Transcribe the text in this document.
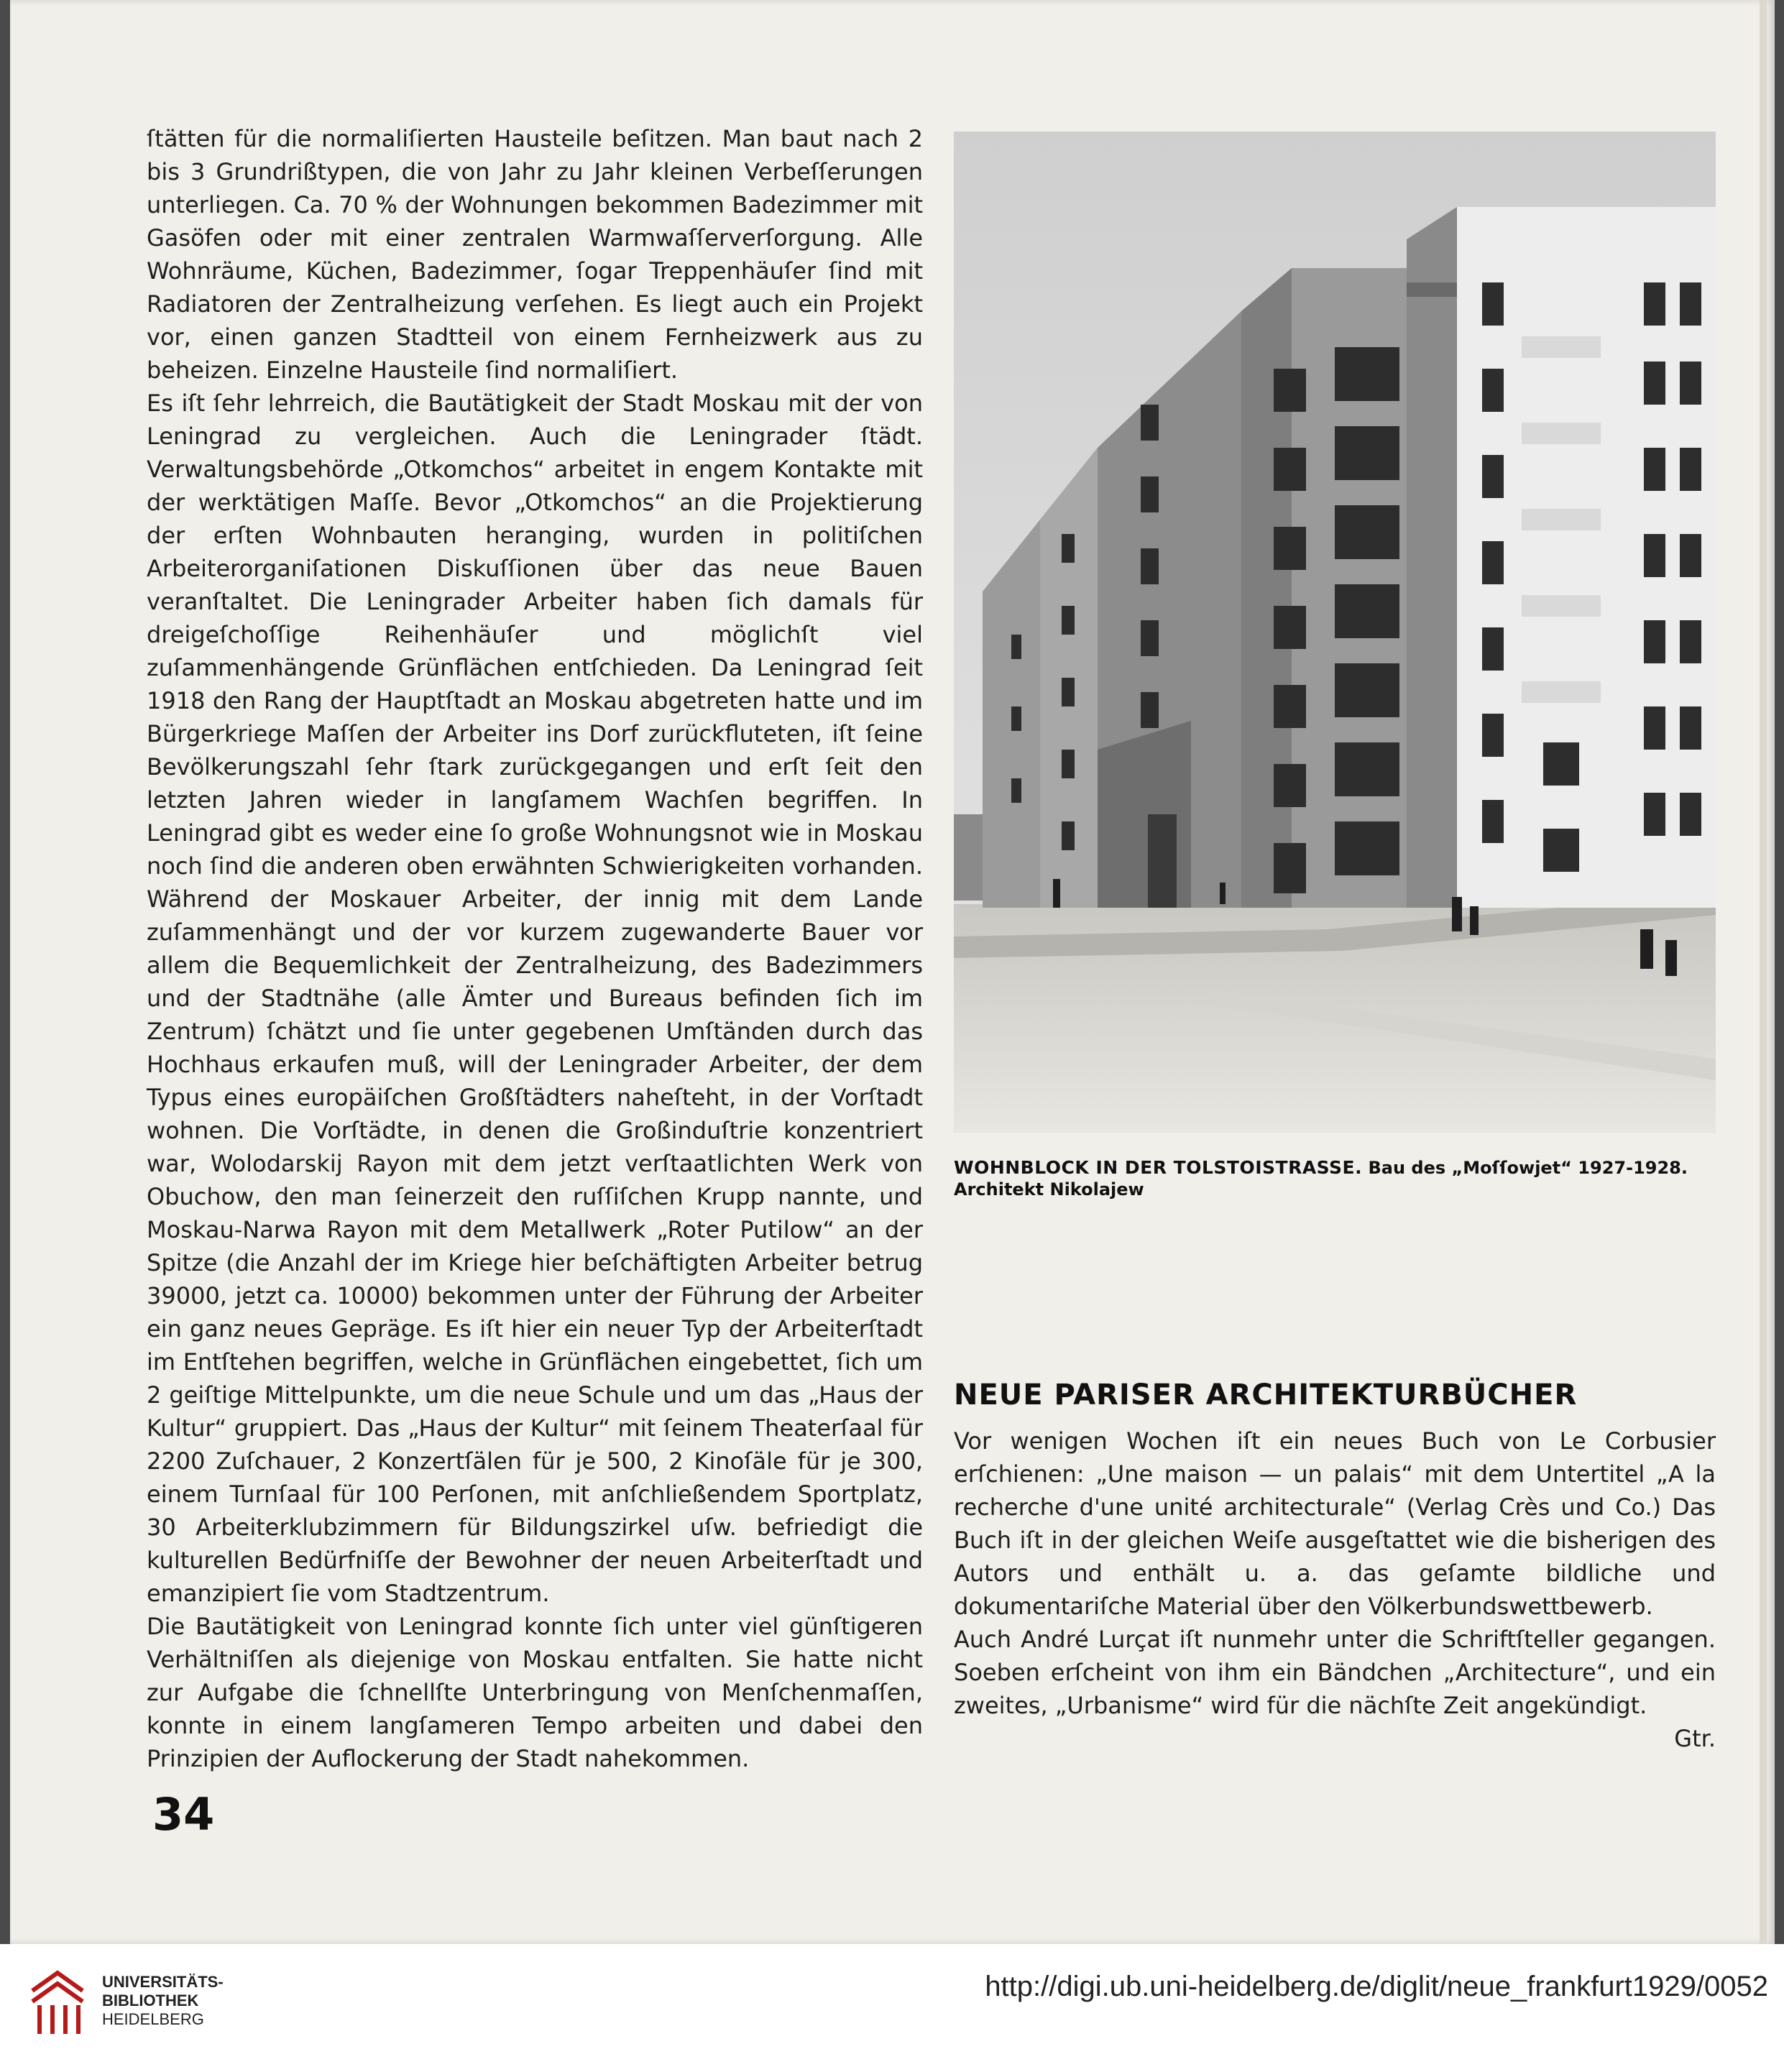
ſtätten für die normaliſierten Hausteile beſitzen. Man baut nach 2 bis 3 Grundrißtypen, die von Jahr zu Jahr kleinen Verbeſſerungen unterliegen. Ca. 70 % der Wohnungen bekommen Badezimmer mit Gasöfen oder mit einer zentralen Warmwaſſerverſorgung. Alle Wohnräume, Küchen, Badezimmer, ſogar Treppenhäuſer ſind mit Radiatoren der Zentralheizung verſehen. Es liegt auch ein Projekt vor, einen ganzen Stadtteil von einem Fernheizwerk aus zu beheizen. Einzelne Hausteile ſind normaliſiert.

Es iſt ſehr lehrreich, die Bautätigkeit der Stadt Moskau mit der von Leningrad zu vergleichen. Auch die Leningrader ſtädt. Verwaltungsbehörde „Otkomchos“ arbeitet in engem Kontakte mit der werktätigen Maſſe. Bevor „Otkomchos“ an die Projektierung der erſten Wohnbauten heranging, wurden in politiſchen Arbeiterorganiſationen Diskuſſionen über das neue Bauen veranſtaltet. Die Leningrader Arbeiter haben ſich damals für dreigeſchoſſige Reihenhäuſer und möglichſt viel zuſammenhängende Grünflächen entſchieden. Da Leningrad ſeit 1918 den Rang der Hauptſtadt an Moskau abgetreten hatte und im Bürgerkriege Maſſen der Arbeiter ins Dorf zurückfluteten, iſt ſeine Bevölkerungszahl ſehr ſtark zurückgegangen und erſt ſeit den letzten Jahren wieder in langſamem Wachſen begriffen. In Leningrad gibt es weder eine ſo große Wohnungsnot wie in Moskau noch ſind die anderen oben erwähnten Schwierigkeiten vorhanden. Während der Moskauer Arbeiter, der innig mit dem Lande zuſammenhängt und der vor kurzem zugewanderte Bauer vor allem die Bequemlichkeit der Zentralheizung, des Badezimmers und der Stadtnähe (alle Ämter und Bureaus befinden ſich im Zentrum) ſchätzt und ſie unter gegebenen Umſtänden durch das Hochhaus erkaufen muß, will der Leningrader Arbeiter, der dem Typus eines europäiſchen Großſtädters naheſteht, in der Vorſtadt wohnen. Die Vorſtädte, in denen die Großinduſtrie konzentriert war, Wolodarskij Rayon mit dem jetzt verſtaatlichten Werk von Obuchow, den man ſeinerzeit den ruſſiſchen Krupp nannte, und Moskau-Narwa Rayon mit dem Metallwerk „Roter Putilow“ an der Spitze (die Anzahl der im Kriege hier beſchäftigten Arbeiter betrug 39000, jetzt ca. 10000) bekommen unter der Führung der Arbeiter ein ganz neues Gepräge. Es iſt hier ein neuer Typ der Arbeiterſtadt im Entſtehen begriffen, welche in Grünflächen eingebettet, ſich um 2 geiſtige Mittelpunkte, um die neue Schule und um das „Haus der Kultur“ gruppiert. Das „Haus der Kultur“ mit ſeinem Theaterſaal für 2200 Zuſchauer, 2 Konzertſälen für je 500, 2 Kinoſäle für je 300, einem Turnſaal für 100 Perſonen, mit anſchließendem Sportplatz, 30 Arbeiterklubzimmern für Bildungszirkel uſw. befriedigt die kulturellen Bedürfniſſe der Bewohner der neuen Arbeiterſtadt und emanzipiert ſie vom Stadtzentrum.

Die Bautätigkeit von Leningrad konnte ſich unter viel günſtigeren Verhältniſſen als diejenige von Moskau entfalten. Sie hatte nicht zur Aufgabe die ſchnellſte Unterbringung von Menſchenmaſſen, konnte in einem langſameren Tempo arbeiten und dabei den Prinzipien der Auflockerung der Stadt nahekommen.

WOHNBLOCK IN DER TOLSTOISTRASSE. Bau des „Moſſowjet“ 1927-1928.
Architekt Nikolajew
NEUE PARISER ARCHITEKTURBÜCHER

Vor wenigen Wochen iſt ein neues Buch von Le Corbusier erſchienen: „Une maison — un palais“ mit dem Untertitel „A la recherche d'une unité architecturale“ (Verlag Crès und Co.) Das Buch iſt in der gleichen Weiſe ausgeſtattet wie die bisherigen des Autors und enthält u. a. das geſamte bildliche und dokumentariſche Material über den Völkerbundswettbewerb.

Auch André Lurçat iſt nunmehr unter die Schriftſteller gegangen. Soeben erſcheint von ihm ein Bändchen „Architecture“, und ein zweites, „Urbanisme“ wird für die nächſte Zeit angekündigt.

Gtr.

34
UNIVERSITÄTS-
BIBLIOTHEK
HEIDELBERG
http://digi.ub.uni-heidelberg.de/diglit/neue_frankfurt1929/0052
